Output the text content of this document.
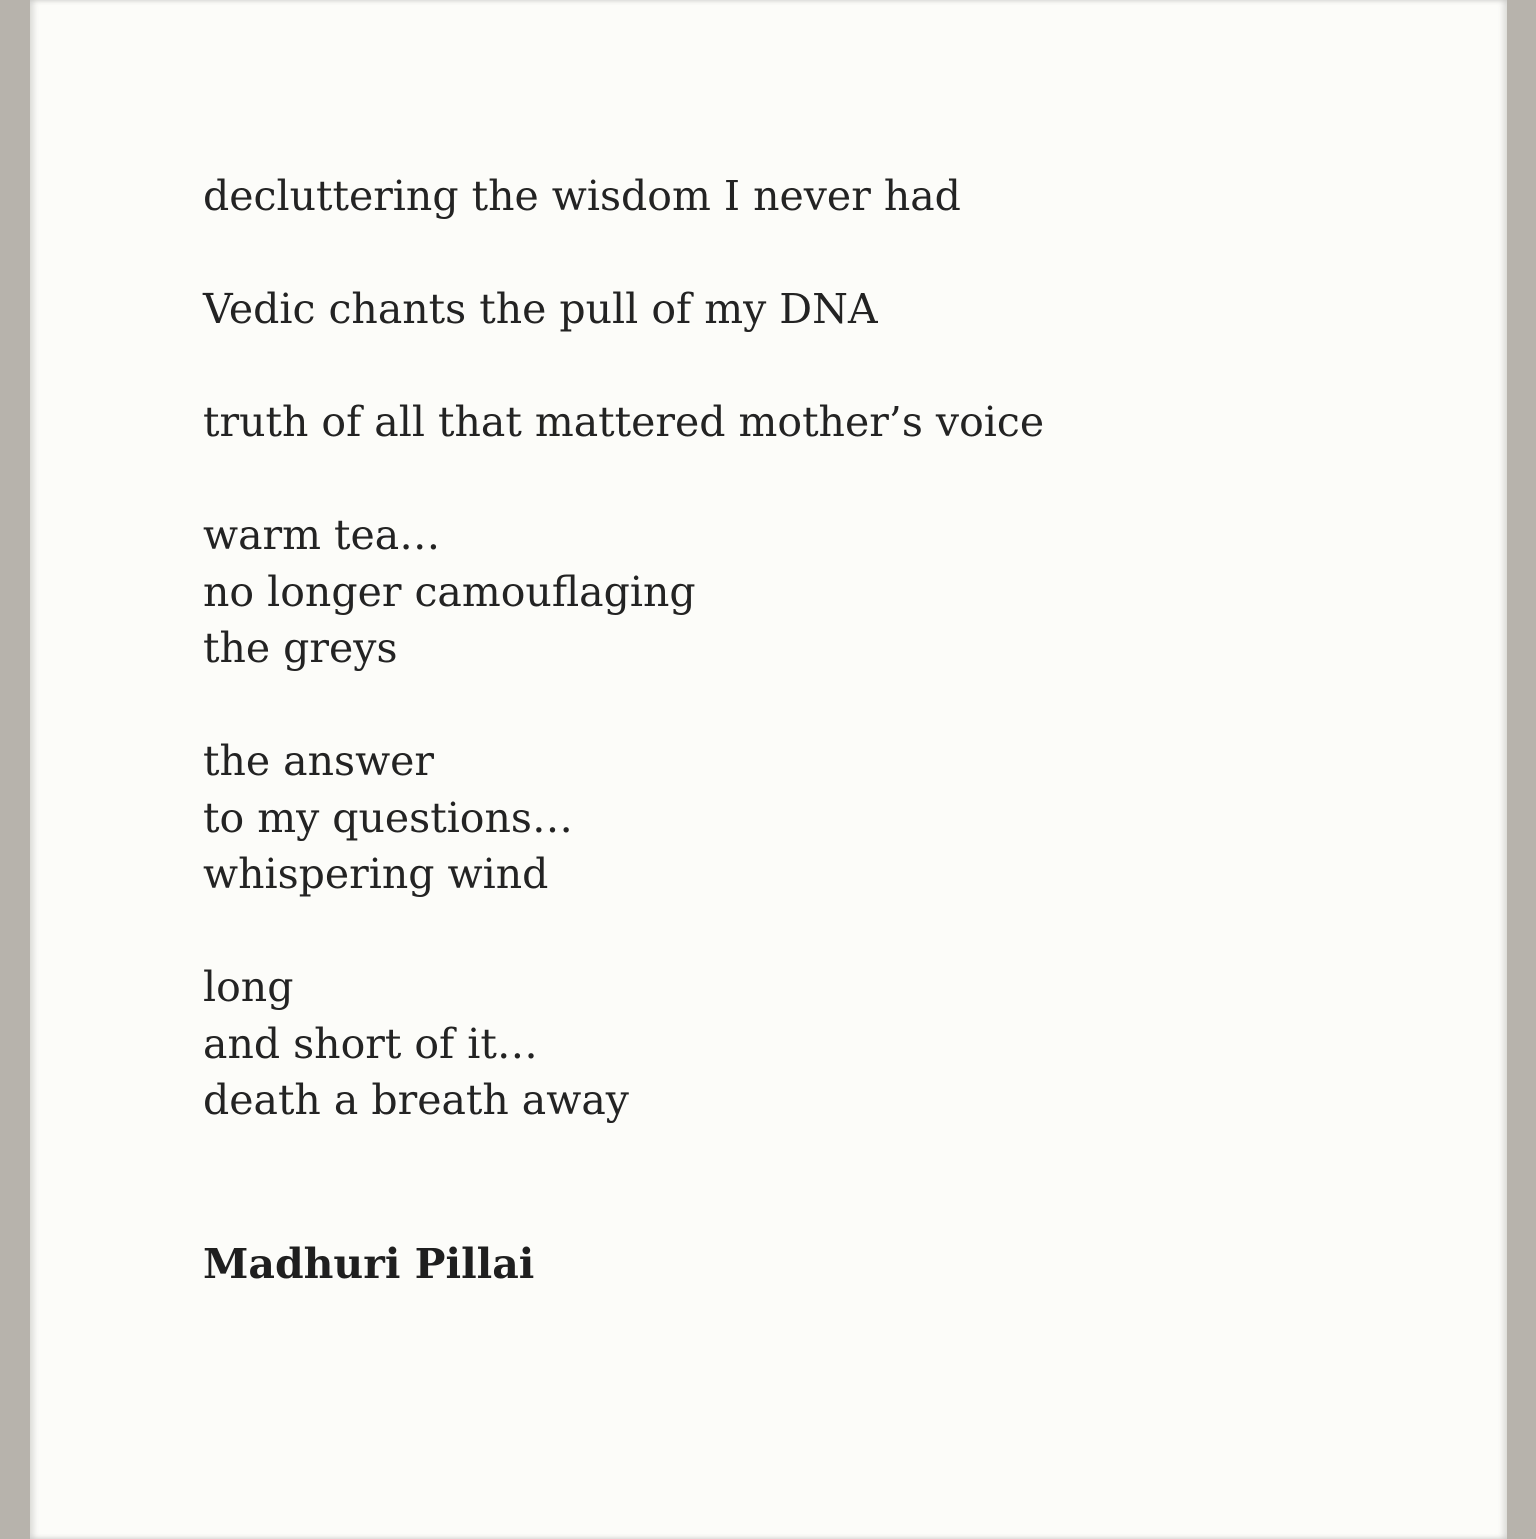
decluttering the wisdom I never had
Vedic chants the pull of my DNA
truth of all that mattered mother’s voice
warm tea…
no longer camouflaging
the greys
the answer
to my questions…
whispering wind
long
and short of it…
death a breath away
Madhuri Pillai
